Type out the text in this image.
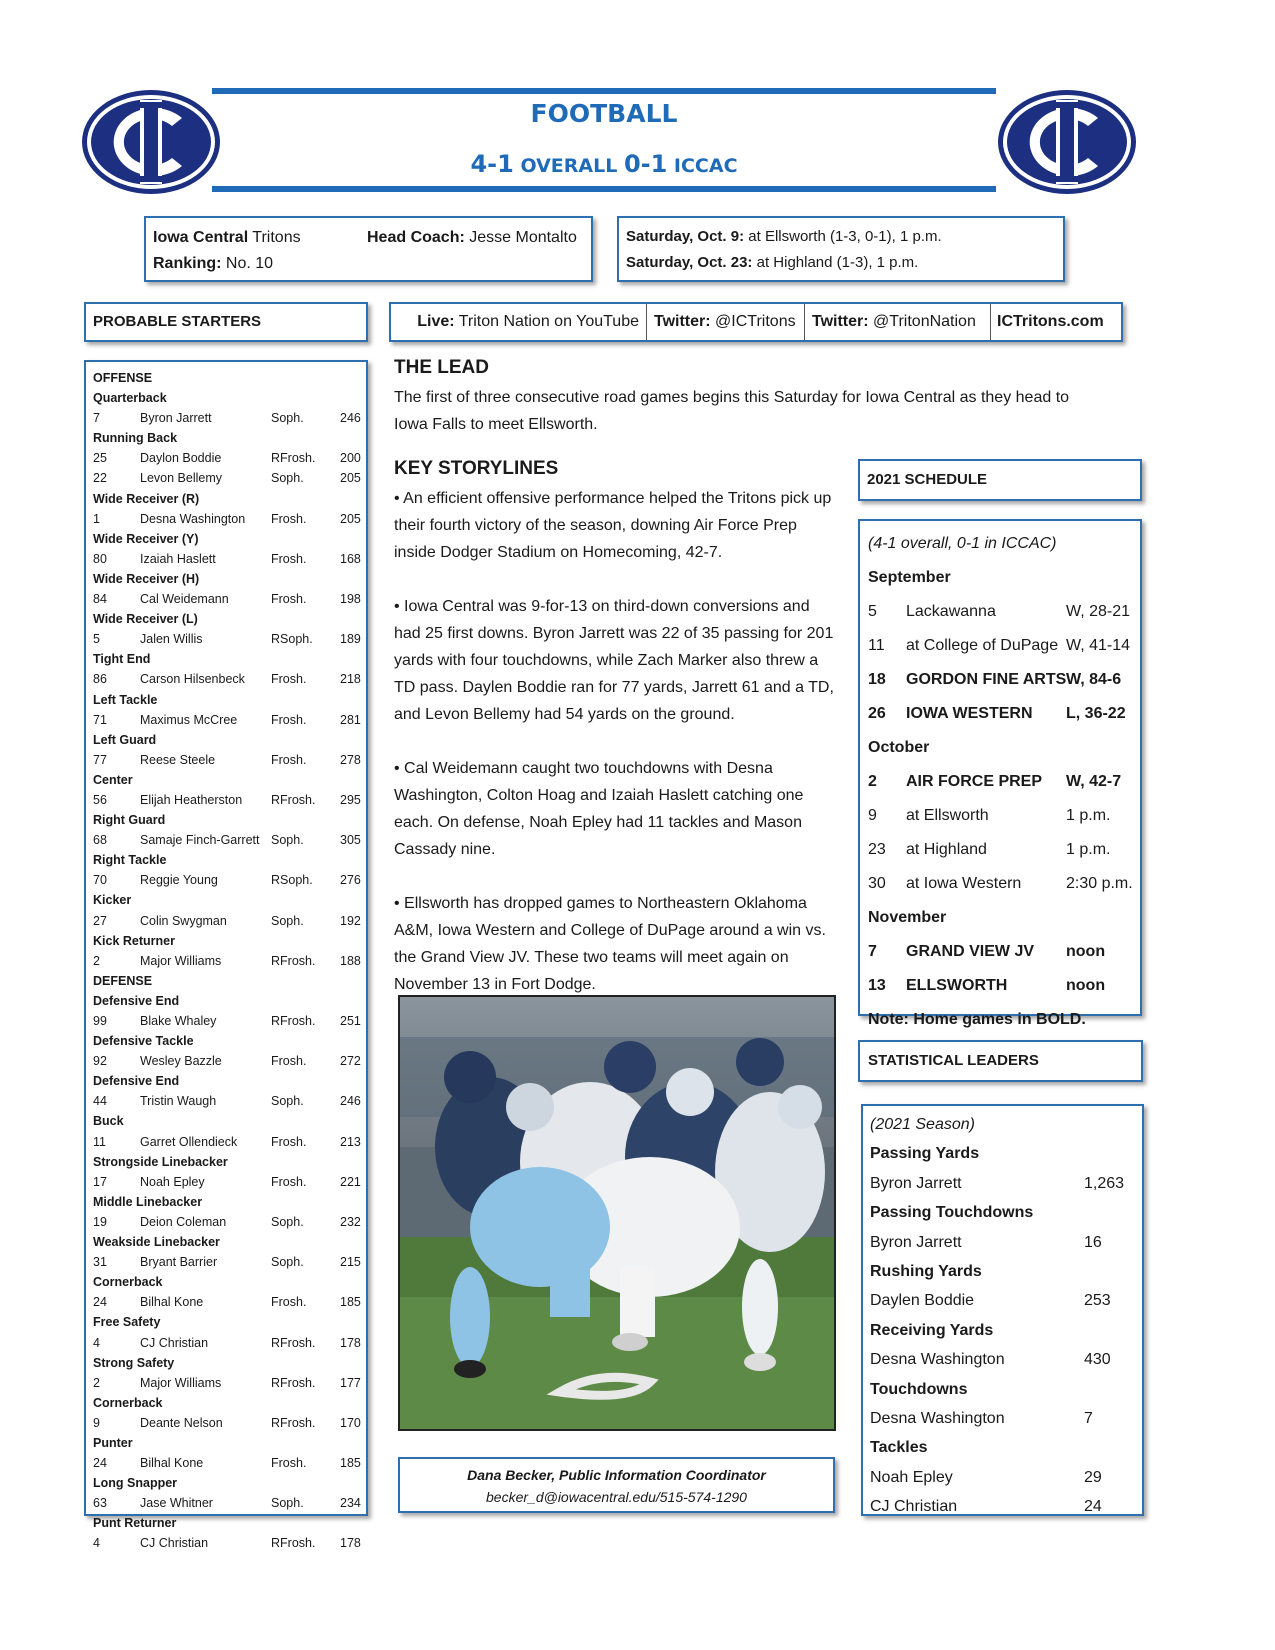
FOOTBALL
4-1 OVERALL 0-1 ICCAC
Iowa Central Tritons	Head Coach: Jesse Montalto
Ranking: No. 10
Saturday, Oct. 9: at Ellsworth (1-3, 0-1), 1 p.m.
Saturday, Oct. 23: at Highland (1-3), 1 p.m.
PROBABLE STARTERS	Live: Triton Nation on YouTube Twitter: @ICTritons	Twitter: @TritonNation	ICTritons.com
OFFENSE
Quarterback
7	Byron Jarrett	Soph.	246
Running Back
25	Daylon Boddie	RFrosh. 200
22	Levon Bellemy	Soph.	205
Wide Receiver (R)
1	Desna Washington Frosh.	205
Wide Receiver (Y)
80	Izaiah Haslett	Frosh.	168
Wide Receiver (H)
84	Cal Weidemann	Frosh.	198
Wide Receiver (L)
5	Jalen Willis	RSoph. 189
Tight End
86	Carson Hilsenbeck Frosh.	218
Left Tackle
71	Maximus McCree	Frosh.	281
Left Guard
77	Reese Steele	Frosh.	278
Center
56	Elijah Heatherston RFrosh. 295
Right Guard
68	Samaje Finch-Garrett Soph.	305
Right Tackle
70	Reggie Young	RSoph. 276
Kicker
27	Colin Swygman	Soph.	192
Kick Returner
2	Major Williams	RFrosh. 188
DEFENSE
Defensive End
99	Blake Whaley	RFrosh. 251
Defensive Tackle
92	Wesley Bazzle	Frosh.	272
Defensive End
44	Tristin Waugh	Soph.	246
Buck
11	Garret Ollendieck	Frosh.	213
Strongside Linebacker
17	Noah Epley	Frosh.	221
Middle Linebacker
19	Deion Coleman	Soph.	232
Weakside Linebacker
31	Bryant Barrier	Soph.	215
Cornerback
24	Bilhal Kone	Frosh.	185
Free Safety
4	CJ Christian	RFrosh. 178
Strong Safety
2	Major Williams	RFrosh. 177
Cornerback
9	Deante Nelson	RFrosh. 170
Punter
24	Bilhal Kone	Frosh.	185
Long Snapper
63	Jase Whitner	Soph.	234
Punt Returner
4	CJ Christian	RFrosh. 178
THE LEAD
The first of three consecutive road games begins this Saturday for Iowa Central as they head to Iowa Falls to meet Ellsworth.
KEY STORYLINES

• An efficient offensive performance helped the Tritons pick up their fourth victory of the season, downing Air Force Prep inside Dodger Stadium on Homecoming, 42-7.

• Iowa Central was 9-for-13 on third-down conversions and had 25 first downs. Byron Jarrett was 22 of 35 passing for 201 yards with four touchdowns, while Zach Marker also threw a TD pass. Daylen Boddie ran for 77 yards, Jarrett 61 and a TD, and Levon Bellemy had 54 yards on the ground.

• Cal Weidemann caught two touchdowns with Desna Washington, Colton Hoag and Izaiah Haslett catching one each. On defense, Noah Epley had 11 tackles and Mason Cassady nine.

• Ellsworth has dropped games to Northeastern Oklahoma A&M, Iowa Western and College of DuPage around a win vs. the Grand View JV. These two teams will meet again on November 13 in Fort Dodge.

Dana Becker, Public Information Coordinator
becker_d@iowacentral.edu/515-574-1290
2021 SCHEDULE
(4-1 overall, 0-1 in ICCAC)
September
5 Lackawanna	W, 28-21
11 at College of DuPage W, 41-14
18 GORDON FINE ARTS W, 84-6
26 IOWA WESTERN L, 36-22
October
2 AIR FORCE PREP W, 42-7
9 at Ellsworth	1 p.m.
23 at Highland	1 p.m.
30 at Iowa Western	2:30 p.m.
November
7 GRAND VIEW JV noon
13 ELLSWORTH	noon
Note: Home games in BOLD.
STATISTICAL LEADERS
(2021 Season)
Passing Yards
Byron Jarrett	1,263
Passing Touchdowns
Byron Jarrett	16
Rushing Yards
Daylen Boddie	253
Receiving Yards
Desna Washington	430
Touchdowns
Desna Washington	7
Tackles
Noah Epley	29
CJ Christian	24
